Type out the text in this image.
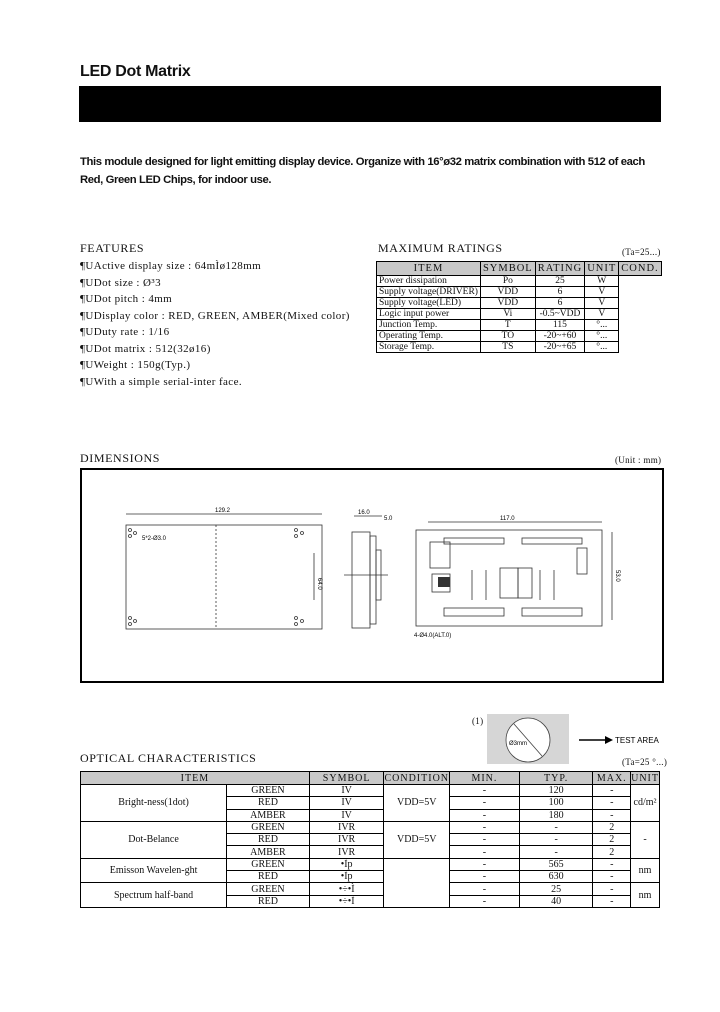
LED Dot Matrix
This module designed for light emitting display device. Organize with 16°ø32 matrix combination with 512 of each Red, Green LED Chips, for indoor use.
FEATURES
¶UActive display size : 64mÌø128mm
¶UDot size : Ø³3
¶UDot pitch : 4mm
¶UDisplay color : RED, GREEN, AMBER(Mixed color)
¶UDuty rate : 1/16
¶UDot matrix : 512(32ø16)
¶UWeight : 150g(Typ.)
¶UWith a simple serial-inter face.
MAXIMUM RATINGS	(Ta=25...)
ITEM	SYMBOL	RATING	UNIT	COND.
Power dissipation	Po	25	W	
Supply voltage(DRIVER)	VDD	6	V	
Supply voltage(LED)	VDD	6	V	
Logic input power	Vi	-0.5~VDD	V	
Junction Temp.	T	115	°...	
Operating Temp.	TO	-20~+60	°...	
Storage Temp.	TS	-20~+65	°...	
DIMENSIONS	(Unit : mm)
129.2
5*2-Ø3.0
64.0
16.0
5.0	117.0
53.0
4-Ø4.0(ALT.0)
(1)
Ø3mm	TEST AREA
OPTICAL CHARACTERISTICS	(Ta=25 °...)
ITEM		SYMBOL	CONDITION	MIN.	TYP.	MAX.	UNIT
Bright-ness(1dot)	GREEN	IV	VDD=5V	-	120	-	cd/m²
	RED	IV		-	100	-	
	AMBER	IV		-	180	-	
Dot-Belance	GREEN	IVR	VDD=5V	-	-	2	-
	RED	IVR		-	-	2	
	AMBER	IVR		-	-	2	
Emisson Wavelen-ght	GREEN	•Ìp		-	565	-	nm
	RED	•Ìp		-	630	-	
Spectrum half-band	GREEN	•÷•Ì		-	25	-	nm
	RED	•÷•Ì		-	40	-	
